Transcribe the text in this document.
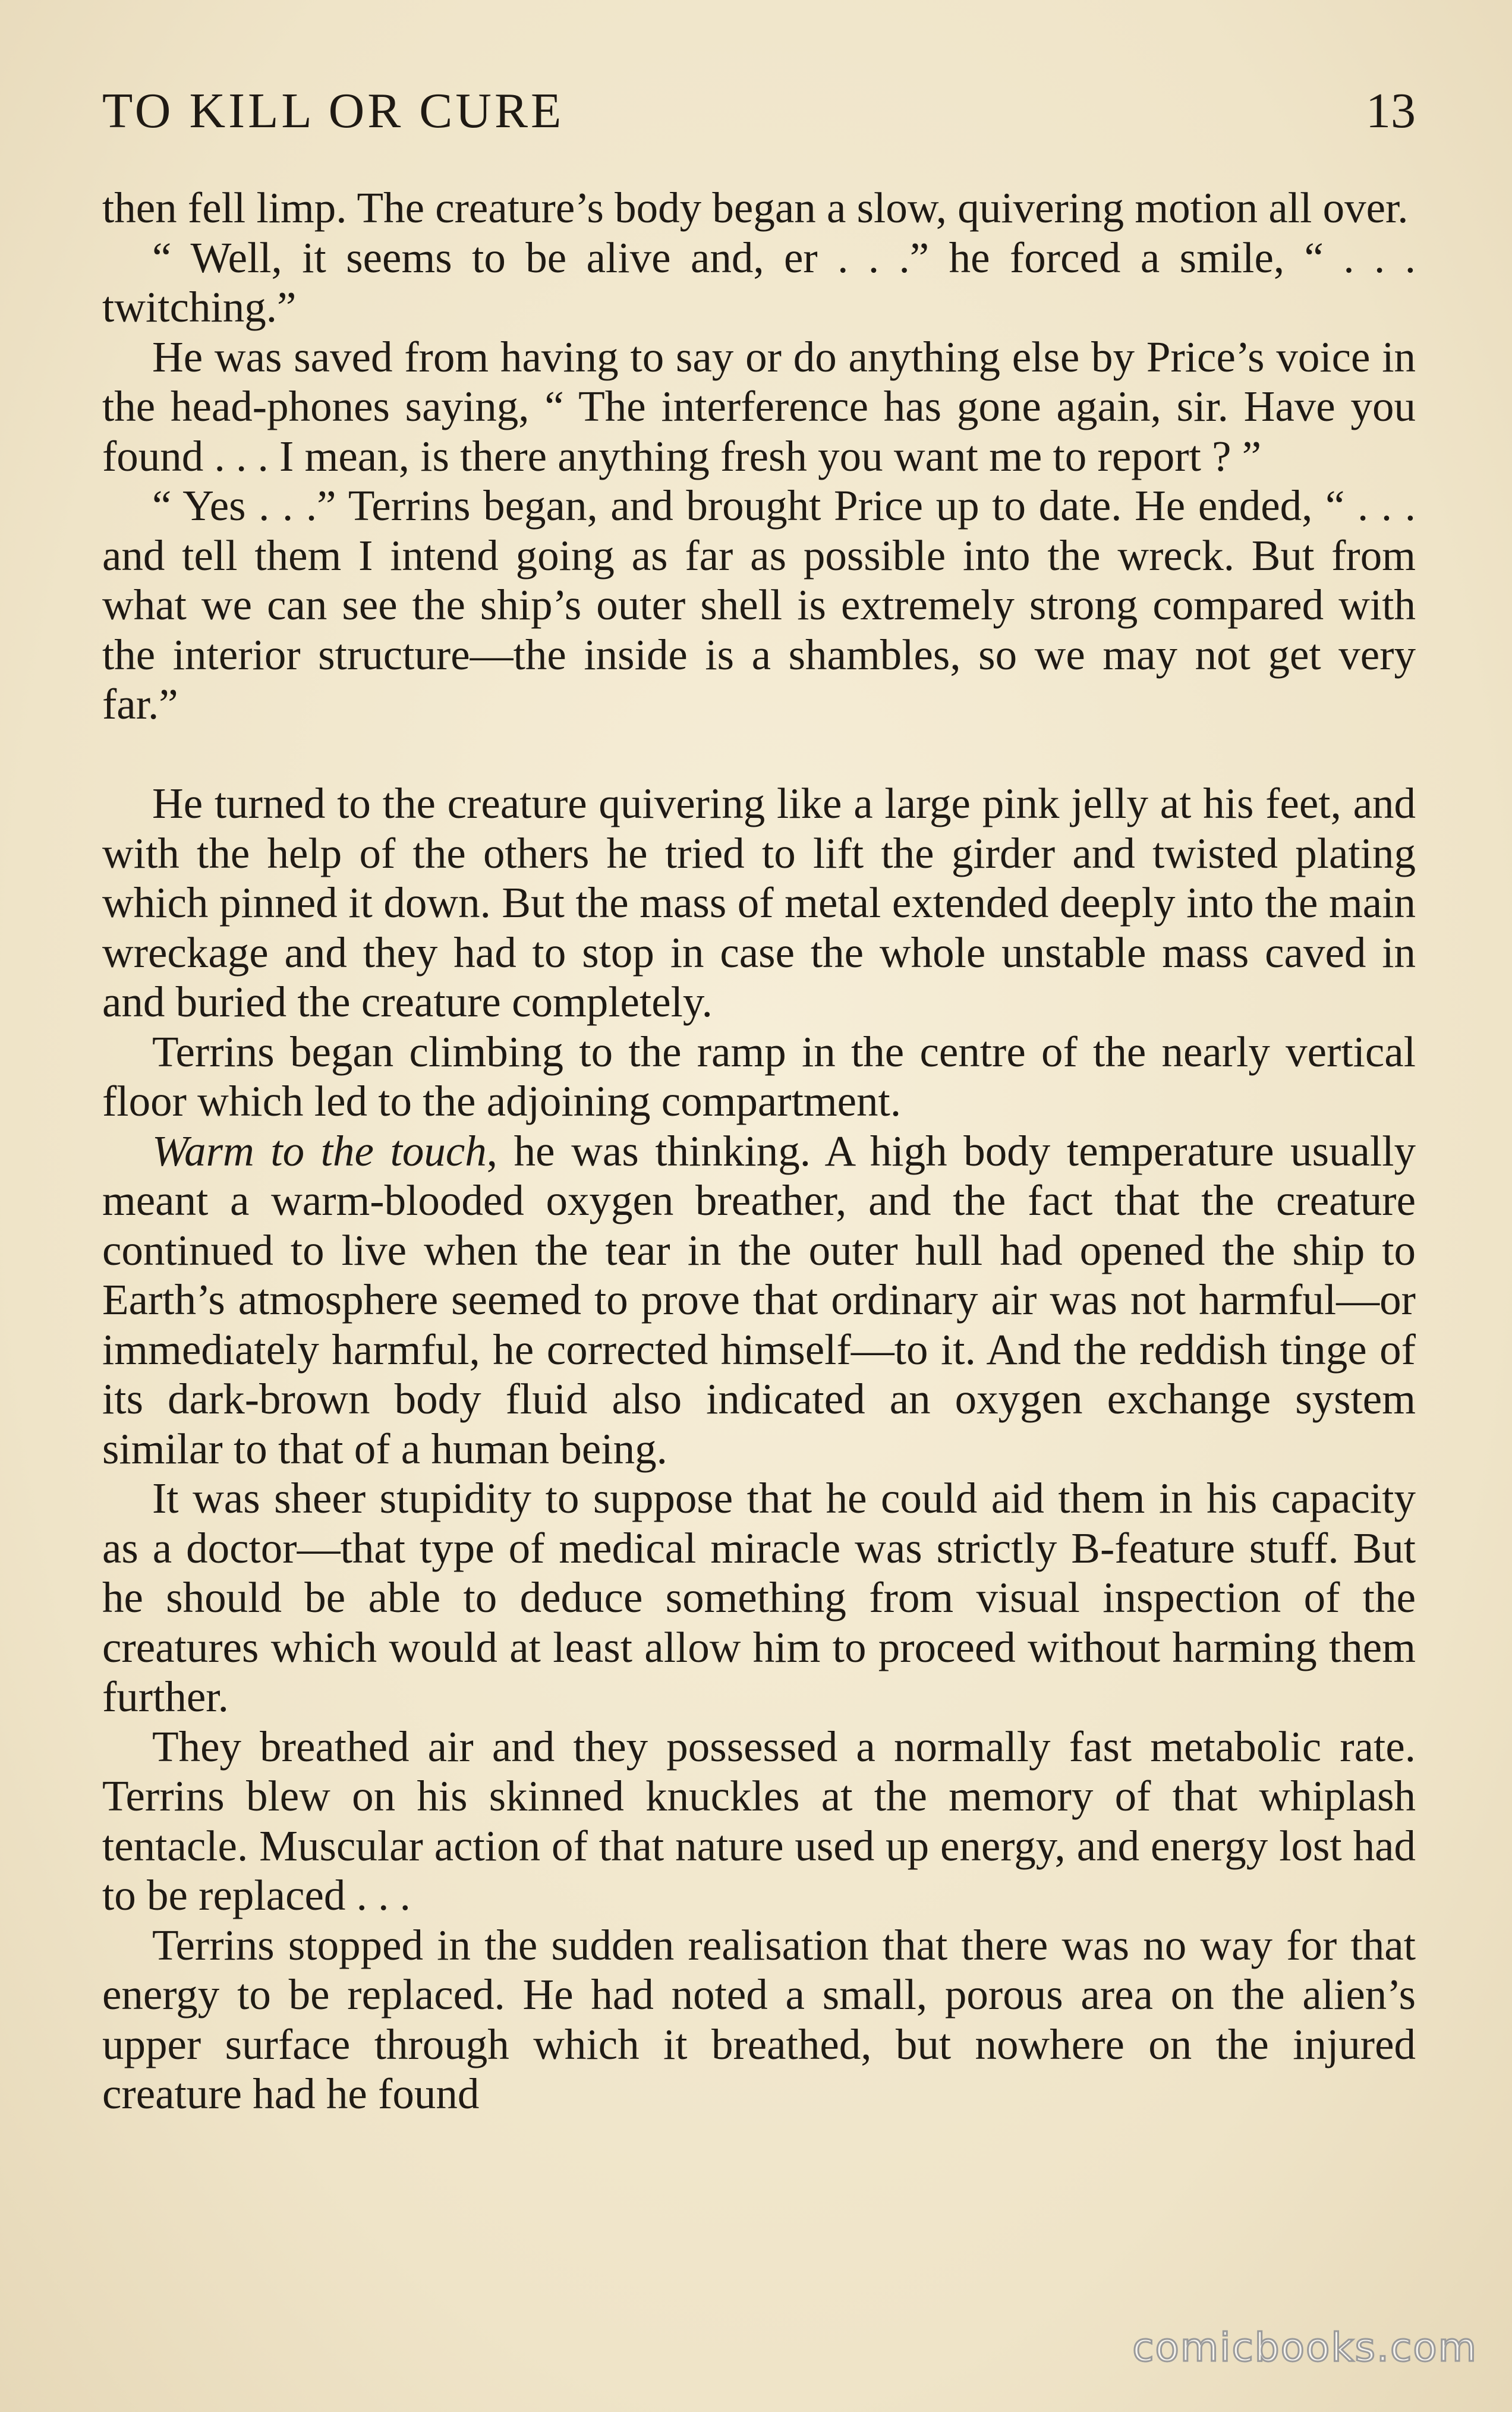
TO KILL OR CURE	13

then fell limp. The creature’s body began a slow, quivering motion all over.

“ Well, it seems to be alive and, er . . .” he forced a smile, “ . . . twitching.”

He was saved from having to say or do anything else by Price’s voice in the head-phones saying, “ The interference has gone again, sir. Have you found . . . I mean, is there anything fresh you want me to report ? ”

“ Yes . . .” Terrins began, and brought Price up to date. He ended, “ . . . and tell them I intend going as far as possible into the wreck. But from what we can see the ship’s outer shell is extremely strong compared with the interior structure—the inside is a shambles, so we may not get very far.”

He turned to the creature quivering like a large pink jelly at his feet, and with the help of the others he tried to lift the girder and twisted plating which pinned it down. But the mass of metal extended deeply into the main wreckage and they had to stop in case the whole unstable mass caved in and buried the creature completely.

Terrins began climbing to the ramp in the centre of the nearly vertical floor which led to the adjoining compartment.

Warm to the touch, he was thinking. A high body temperature usually meant a warm-blooded oxygen breather, and the fact that the creature continued to live when the tear in the outer hull had opened the ship to Earth’s atmosphere seemed to prove that ordinary air was not harmful—or immediately harmful, he corrected himself—to it. And the reddish tinge of its dark-brown body fluid also indicated an oxygen exchange system similar to that of a human being.

It was sheer stupidity to suppose that he could aid them in his capacity as a doctor—that type of medical miracle was strictly B-feature stuff. But he should be able to deduce something from visual inspection of the creatures which would at least allow him to proceed without harming them further.

They breathed air and they possessed a normally fast metabolic rate. Terrins blew on his skinned knuckles at the memory of that whiplash tentacle. Muscular action of that nature used up energy, and energy lost had to be replaced . . .

Terrins stopped in the sudden realisation that there was no way for that energy to be replaced. He had noted a small, porous area on the alien’s upper surface through which it breathed, but nowhere on the injured creature had he found

comicbooks.com
